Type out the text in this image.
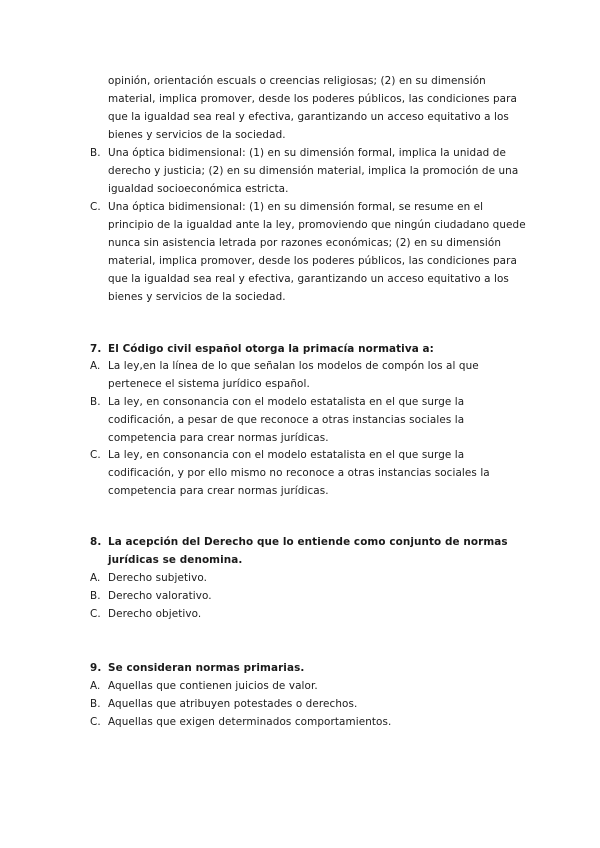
opinión, orientación escuals o creencias religiosas; (2) en su dimensión material, implica promover, desde los poderes públicos, las condiciones para que la igualdad sea real y efectiva, garantizando un acceso equitativo a los bienes y servicios de la sociedad.
B. Una óptica bidimensional: (1) en su dimensión formal, implica la unidad de derecho y justicia; (2) en su dimensión material, implica la promoción de una igualdad socioeconómica estricta.
C. Una óptica bidimensional: (1) en su dimensión formal, se resume en el principio de la igualdad ante la ley, promoviendo que ningún ciudadano quede nunca sin asistencia letrada por razones económicas; (2) en su dimensión material, implica promover, desde los poderes públicos, las condiciones para que la igualdad sea real y efectiva, garantizando un acceso equitativo a los bienes y servicios de la sociedad.
7. El Código civil español otorga la primacía normativa a:
A. La ley,en la línea de lo que señalan los modelos de compón los al que pertenece el sistema jurídico español.
B. La ley, en consonancia con el modelo estatalista en el que surge la codificación, a pesar de que reconoce a otras instancias sociales la competencia para crear normas jurídicas.
C. La ley, en consonancia con el modelo estatalista en el que surge la codificación, y por ello mismo no reconoce a otras instancias sociales la competencia para crear normas jurídicas.
8. La acepción del Derecho que lo entiende como conjunto de normas jurídicas se denomina.
A. Derecho subjetivo.
B. Derecho valorativo.
C. Derecho objetivo.
9. Se consideran normas primarias.
A. Aquellas que contienen juicios de valor.
B. Aquellas que atribuyen potestades o derechos.
C. Aquellas que exigen determinados comportamientos.
